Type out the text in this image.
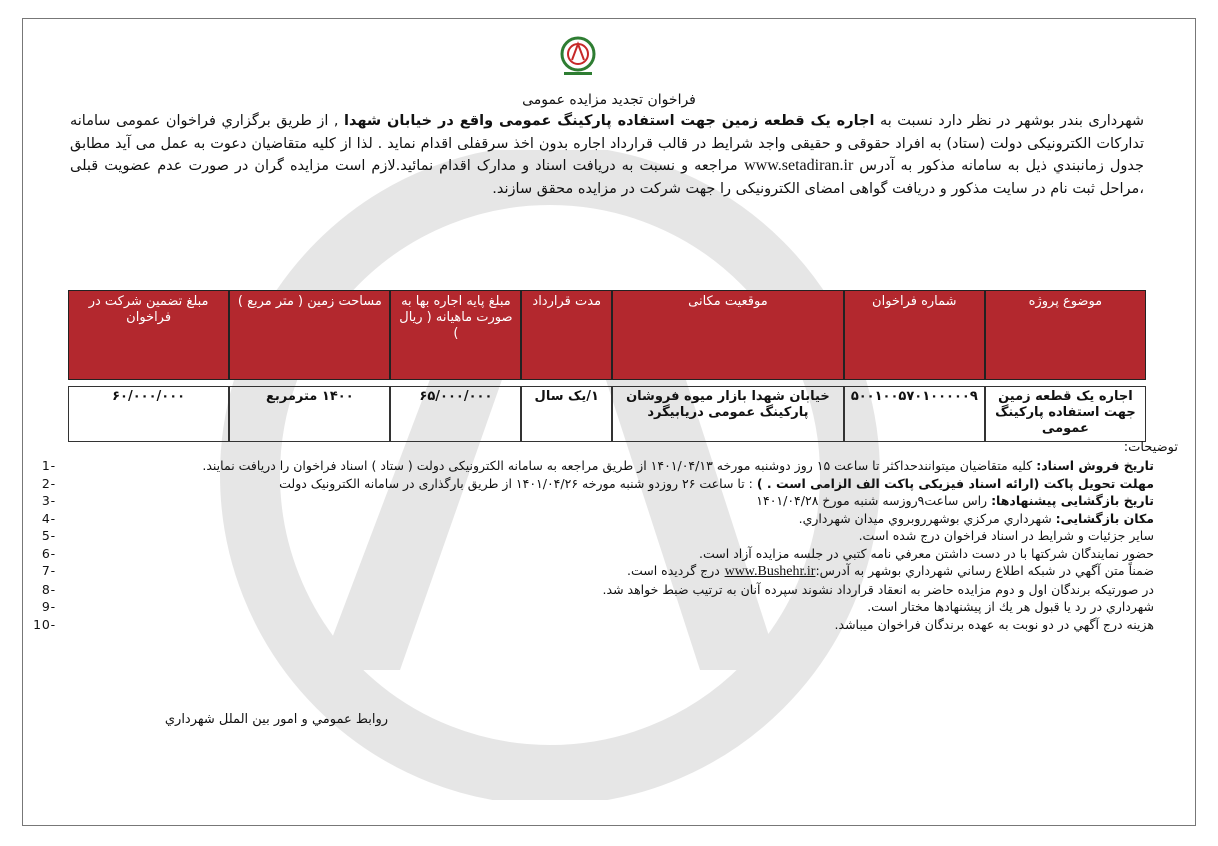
فراخوان تجدید مزایده عمومی
شهرداری بندر بوشهر در نظر دارد نسبت به اجاره یک قطعه زمین جهت استفاده پارکینگ عمومی واقع در خیابان شهدا , از طریق برگزاري فراخوان عمومی سامانه تدارکات الکترونیکی دولت (ستاد) به افراد حقوقی و حقیقی واجد شرایط در قالب قرارداد اجاره بدون اخذ سرقفلی اقدام نماید . لذا از کلیه متقاضیان دعوت به عمل می آید مطابق جدول زمانبندي ذیل به سامانه مذکور به آدرس www.setadiran.ir مراجعه و نسبت به دریافت اسناد و مدارک اقدام نمائید.لازم است مزایده گران در صورت عدم عضویت قبلی ،مراحل ثبت نام در سایت مذکور و دریافت گواهی امضای الکترونیکی را جهت شرکت در مزایده محقق سازند.
موضوع پروژه	شماره فراخوان	موقعیت مکانی	مدت قرارداد	مبلغ پایه اجاره بها به صورت ماهیانه ( ریال )	مساحت زمین ( متر مربع )	مبلغ تضمین شرکت در فراخوان
اجاره یک قطعه زمین جهت استفاده پارکینگ عمومی	۵۰۰۱۰۰۵۷۰۱۰۰۰۰۰۹	خیابان شهدا بازار میوه فروشان پارکینگ عمومی دریابیگرد	۱/یک سال	۶۵/۰۰۰/۰۰۰	۱۴۰۰ مترمربع	۶۰/۰۰۰/۰۰۰
توضیحات:
تاریخ فروش اسناد: کلیه متقاضیان میتوانندحداکثر تا ساعت ۱۵ روز دوشنبه مورخه ۱۴۰۱/۰۴/۱۳ از طریق مراجعه به سامانه الکترونیکی دولت ( ستاد ) اسناد فراخوان را دریافت نمایند.
1-
مهلت تحویل پاکت (ارائه اسناد فیزیکی پاکت الف الزامی است . ) : تا ساعت ۲۶ روزدو شنبه مورخه ۱۴۰۱/۰۴/۲۶ از طریق بارگذاری در سامانه الکترونیک دولت
2-
تاریخ بازگشایی پیشنهادها: راس ساعت۹روزسه شنبه مورخ ۱۴۰۱/۰۴/۲۸
3-
مکان بازگشایی: شهرداري مرکزي بوشهرروبروي میدان شهرداري.
4-
سایر جزئیات و شرایط در اسناد فراخوان درج شده است.
5-
حضور نمایندگان شرکتها با در دست داشتن معرفي نامه کتبي در جلسه مزایده آزاد است.
6-
ضمناً متن آگهي در شبکه اطلاع رساني شهرداري بوشهر به آدرس:www.Bushehr.ir درج گردیده است.
7-
در صورتیکه برندگان اول و دوم مزایده حاضر به انعقاد قرارداد نشوند سپرده آنان به ترتیب ضبط خواهد شد.
8-
شهرداري در رد یا قبول هر یك از پیشنهادها مختار است.
9-
هزینه درج آگهي در دو نوبت به عهده برندگان فراخوان میباشد.
10-
روابط عمومي و امور بین الملل شهرداري
